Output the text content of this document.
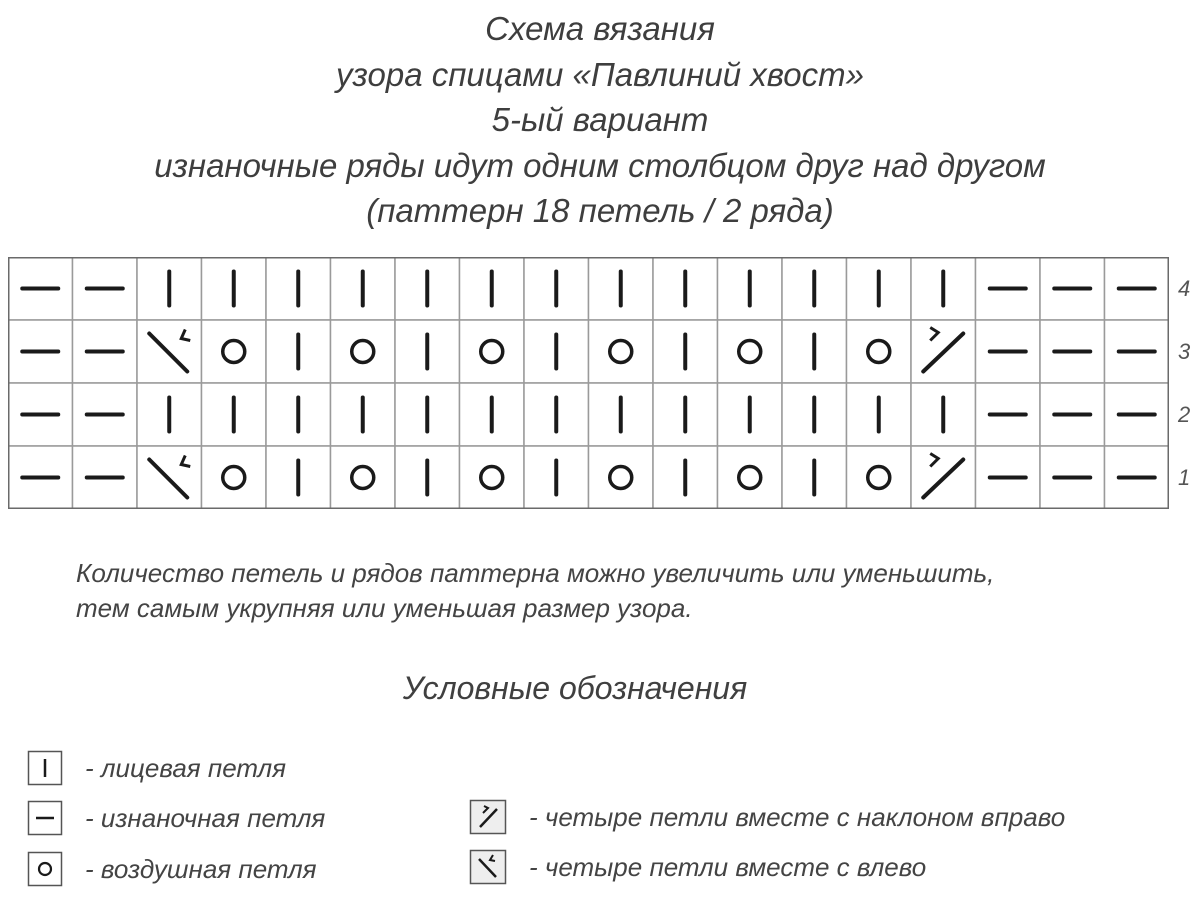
Схема вязания
узора спицами «Павлиний хвост»
5-ый вариант
изнаночные ряды идут одним столбцом друг над другом
(паттерн 18 петель / 2 ряда)
4
3
2
1
Количество петель и рядов паттерна можно увеличить или уменьшить,
тем самым укрупняя или уменьшая размер узора.
Условные обозначения
- лицевая петля
- изнаночная петля
- воздушная петля
- четыре петли вместе с наклоном вправо
- четыре петли вместе с влево
